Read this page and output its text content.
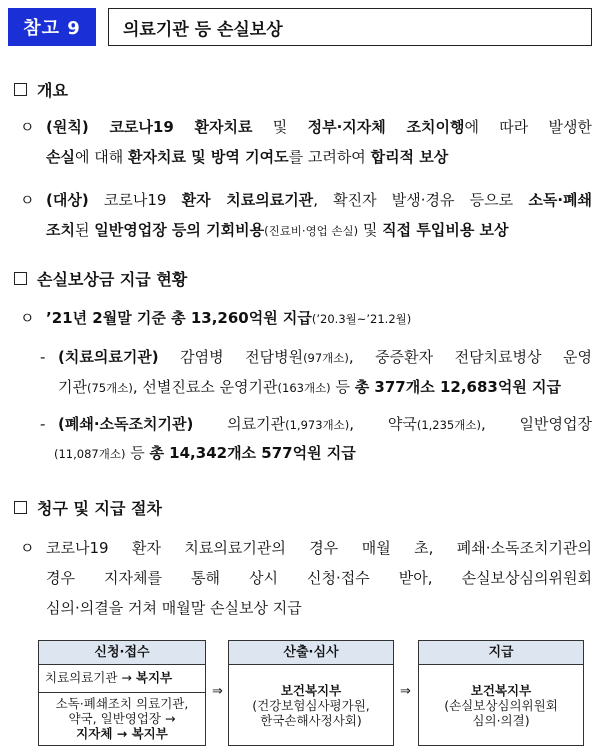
참고 9	의료기관 등 손실보상
개요
ㅇ (원칙) 코로나19 환자치료 및 정부·지자체 조치이행에 따라 발생한
손실에 대해 환자치료 및 방역 기여도를 고려하여 합리적 보상
ㅇ (대상) 코로나19 환자 치료의료기관, 확진자 발생·경유 등으로 소독·폐쇄
조치된 일반영업장 등의 기회비용(진료비·영업 손실) 및 직접 투입비용 보상
손실보상금 지급 현황
ㅇ ’21년 2월말 기준 총 13,260억원 지급(’20.3월~’21.2월)
- (치료의료기관) 감염병 전담병원(97개소), 중증환자 전담치료병상 운영
기관(75개소), 선별진료소 운영기관(163개소) 등 총 377개소 12,683억원 지급
- (폐쇄·소독조치기관) 의료기관(1,973개소), 약국(1,235개소), 일반영업장
(11,087개소) 등 총 14,342개소 577억원 지급
청구 및 지급 절차
ㅇ 코로나19 환자 치료의료기관의 경우 매월 초, 폐쇄·소독조치기관의
경우 지자체를 통해 상시 신청·접수 받아, 손실보상심의위원회
심의·의결을 거쳐 매월말 손실보상 지급
신청·접수
치료의료기관 → 복지부
소독·폐쇄조치 의료기관,
약국, 일반영업장 →
지자체 → 복지부
⇒
산출·심사
보건복지부
(건강보험심사평가원,
한국손해사정사회)
⇒
지급
보건복지부
(손실보상심의위원회
심의·의결)
